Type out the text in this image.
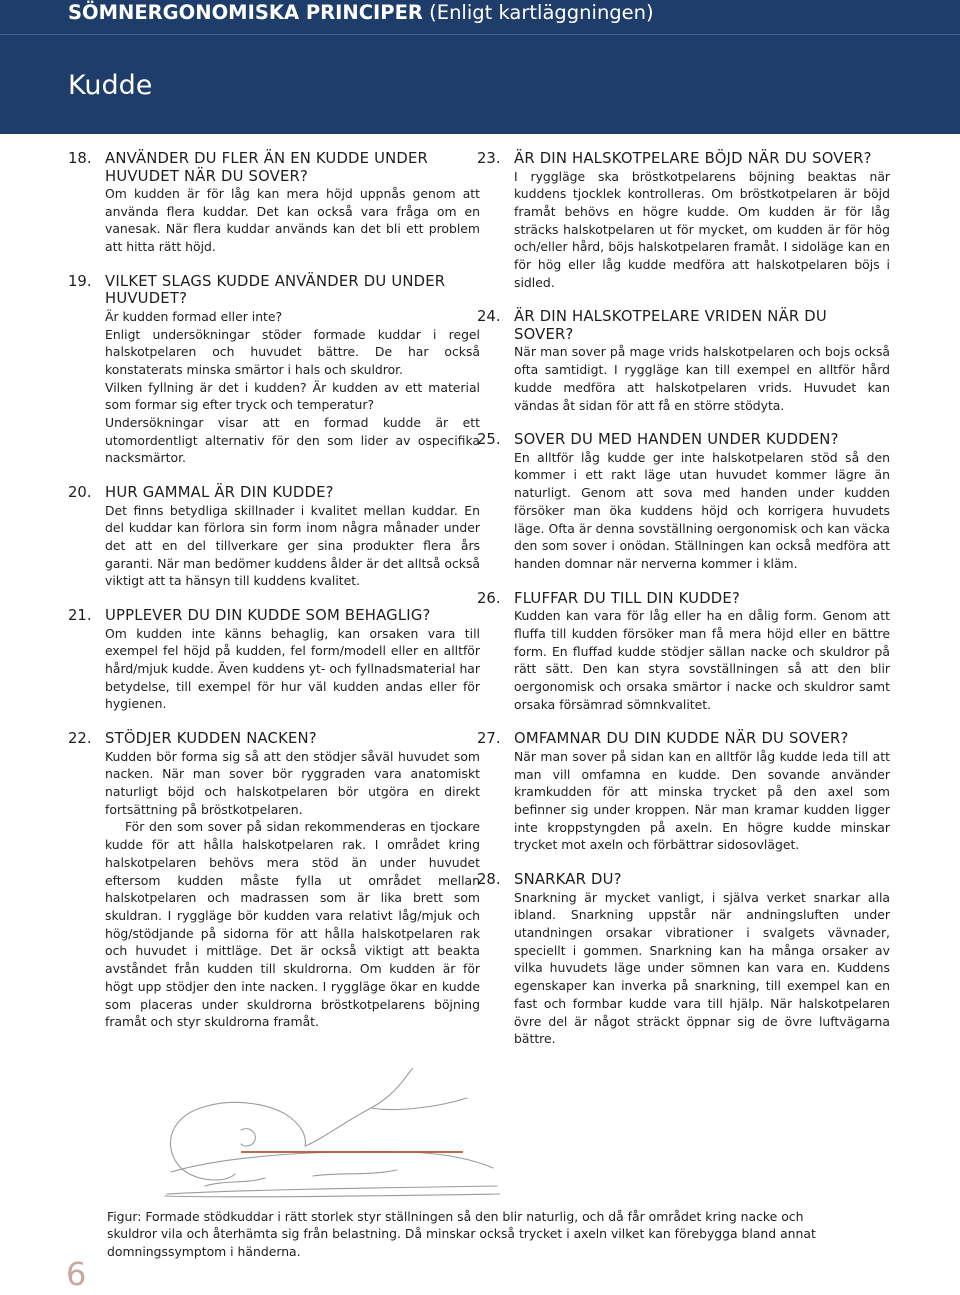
SÖMNERGONOMISKA PRINCIPER (Enligt kartläggningen)
Kudde
18. ANVÄNDER DU FLER ÄN EN KUDDE UNDER HUVUDET NÄR DU SOVER?

Om kudden är för låg kan mera höjd uppnås genom att använda flera kuddar. Det kan också vara fråga om en vanesak. När flera kuddar används kan det bli ett problem att hitta rätt höjd.

19. VILKET SLAGS KUDDE ANVÄNDER DU UNDER HUVUDET?

Är kudden formad eller inte?

Enligt undersökningar stöder formade kuddar i regel halskotpelaren och huvudet bättre. De har också konstaterats minska smärtor i hals och skuldror.

Vilken fyllning är det i kudden? Är kudden av ett material som formar sig efter tryck och temperatur?

Undersökningar visar att en formad kudde är ett utomordentligt alternativ för den som lider av ospecifika nacksmärtor.

20. HUR GAMMAL ÄR DIN KUDDE?

Det finns betydliga skillnader i kvalitet mellan kuddar. En del kuddar kan förlora sin form inom några månader under det att en del tillverkare ger sina produkter flera års garanti. När man bedömer kuddens ålder är det alltså också viktigt att ta hänsyn till kuddens kvalitet.

21. UPPLEVER DU DIN KUDDE SOM BEHAGLIG?

Om kudden inte känns behaglig, kan orsaken vara till exempel fel höjd på kudden, fel form/modell eller en alltför hård/mjuk kudde. Även kuddens yt- och fyllnadsmaterial har betydelse, till exempel för hur väl kudden andas eller för hygienen.

22. STÖDJER KUDDEN NACKEN?

Kudden bör forma sig så att den stödjer såväl huvudet som nacken. När man sover bör ryggraden vara anatomiskt naturligt böjd och halskotpelaren bör utgöra en direkt fortsättning på bröstkotpelaren.

För den som sover på sidan rekommenderas en tjockare kudde för att hålla halskotpelaren rak. I området kring halskotpelaren behövs mera stöd än under huvudet eftersom kudden måste fylla ut området mellan halskotpelaren och madrassen som är lika brett som skuldran. I ryggläge bör kudden vara relativt låg/mjuk och hög/stödjande på sidorna för att hålla halskotpelaren rak och huvudet i mittläge. Det är också viktigt att beakta avståndet från kudden till skuldrorna. Om kudden är för högt upp stödjer den inte nacken. I ryggläge ökar en kudde som placeras under skuldrorna bröstkotpelarens böjning framåt och styr skuldrorna framåt.

23. ÄR DIN HALSKOTPELARE BÖJD NÄR DU SOVER?

I ryggläge ska bröstkotpelarens böjning beaktas när kuddens tjocklek kontrolleras. Om bröstkotpelaren är böjd framåt behövs en högre kudde. Om kudden är för låg sträcks halskotpelaren ut för mycket, om kudden är för hög och/eller hård, böjs halskotpelaren framåt. I sidoläge kan en för hög eller låg kudde medföra att halskotpelaren böjs i sidled.

24. ÄR DIN HALSKOTPELARE VRIDEN NÄR DU SOVER?

När man sover på mage vrids halskotpelaren och bojs också ofta samtidigt. I ryggläge kan till exempel en alltför hård kudde medföra att halskotpelaren vrids. Huvudet kan vändas åt sidan för att få en större stödyta.

25. SOVER DU MED HANDEN UNDER KUDDEN?

En alltför låg kudde ger inte halskotpelaren stöd så den kommer i ett rakt läge utan huvudet kommer lägre än naturligt. Genom att sova med handen under kudden försöker man öka kuddens höjd och korrigera huvudets läge. Ofta är denna sovställning oergonomisk och kan väcka den som sover i onödan. Ställningen kan också medföra att handen domnar när nerverna kommer i kläm.

26. FLUFFAR DU TILL DIN KUDDE?

Kudden kan vara för låg eller ha en dålig form. Genom att fluffa till kudden försöker man få mera höjd eller en bättre form. En fluffad kudde stödjer sällan nacke och skuldror på rätt sätt. Den kan styra sovställningen så att den blir oergonomisk och orsaka smärtor i nacke och skuldror samt orsaka försämrad sömnkvalitet.

27. OMFAMNAR DU DIN KUDDE NÄR DU SOVER?

När man sover på sidan kan en alltför låg kudde leda till att man vill omfamna en kudde. Den sovande använder kramkudden för att minska trycket på den axel som befinner sig under kroppen. När man kramar kudden ligger inte kroppstyngden på axeln. En högre kudde minskar trycket mot axeln och förbättrar sidosovläget.

28. SNARKAR DU?

Snarkning är mycket vanligt, i själva verket snarkar alla ibland. Snarkning uppstår när andningsluften under utandningen orsakar vibrationer i svalgets vävnader, speciellt i gommen. Snarkning kan ha många orsaker av vilka huvudets läge under sömnen kan vara en. Kuddens egenskaper kan inverka på snarkning, till exempel kan en fast och formbar kudde vara till hjälp. När halskotpelaren övre del är något sträckt öppnar sig de övre luftvägarna bättre.

Figur: Formade stödkuddar i rätt storlek styr ställningen så den blir naturlig, och då får området kring nacke och skuldror vila och återhämta sig från belastning. Då minskar också trycket i axeln vilket kan förebygga bland annat domningssymptom i händerna.
6
